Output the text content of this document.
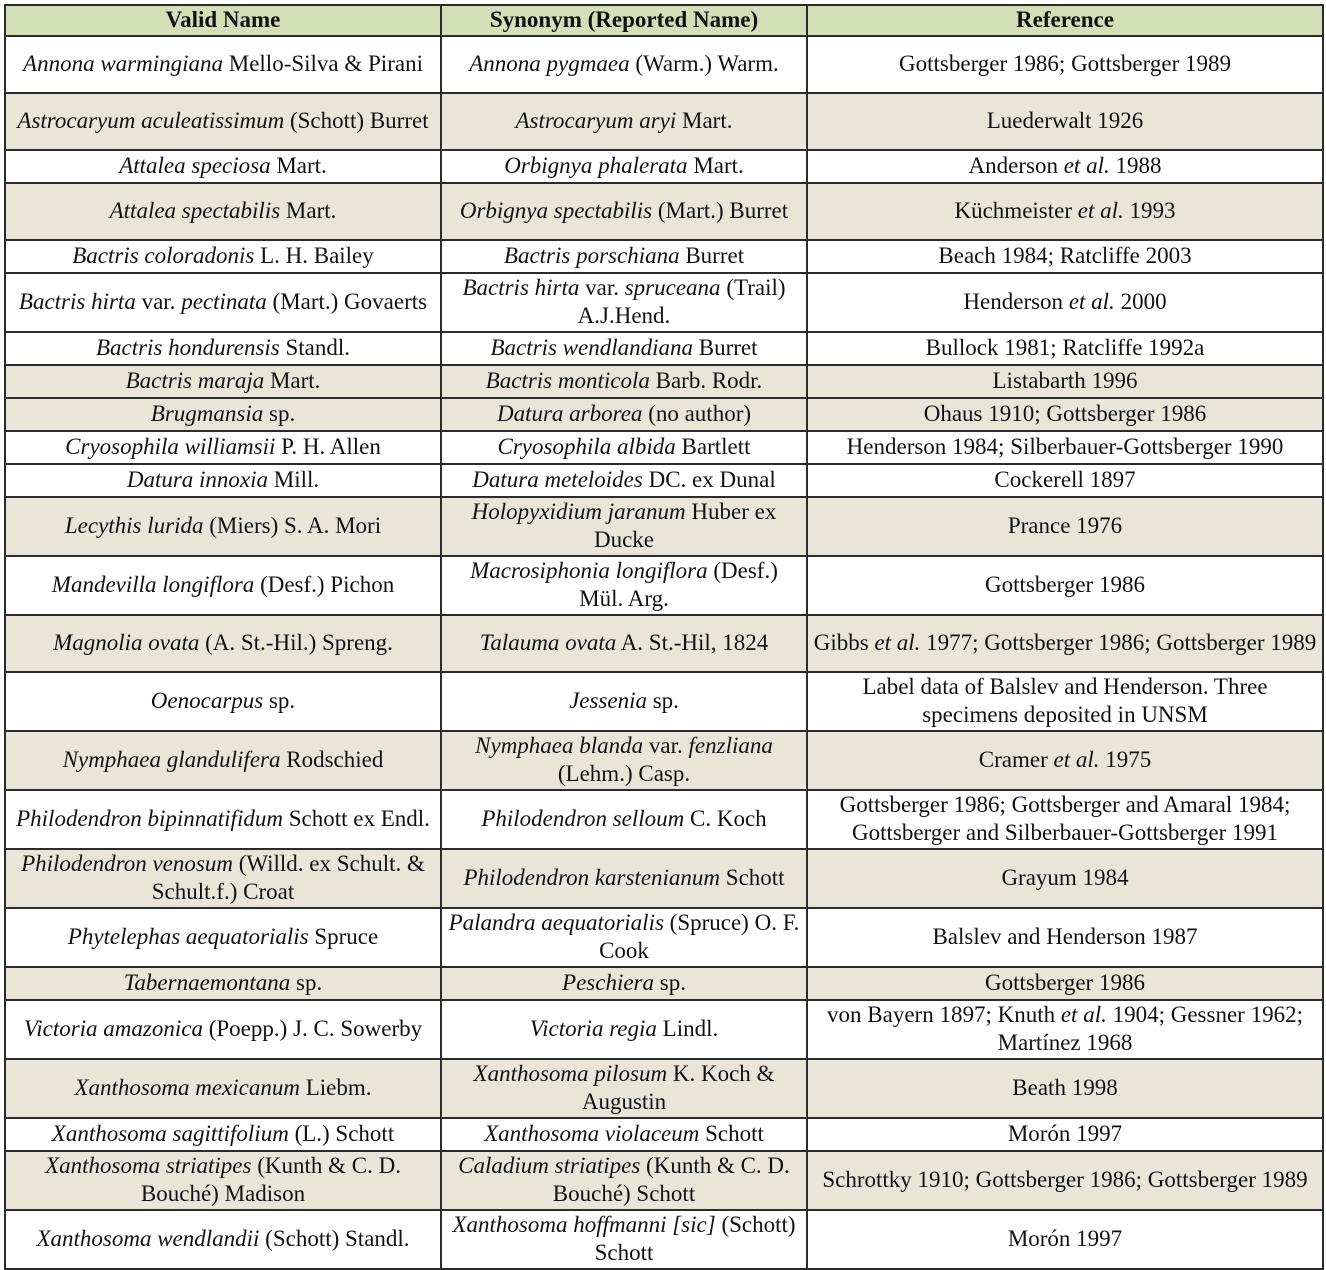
Valid Name	Synonym (Reported Name)	Reference
Annona warmingiana Mello-Silva & Pirani	Annona pygmaea (Warm.) Warm.	Gottsberger 1986; Gottsberger 1989
Astrocaryum aculeatissimum (Schott) Burret	Astrocaryum aryi Mart.	Luederwalt 1926
Attalea speciosa Mart.	Orbignya phalerata Mart.	Anderson et al. 1988
Attalea spectabilis Mart.	Orbignya spectabilis (Mart.) Burret	Küchmeister et al. 1993
Bactris coloradonis L. H. Bailey	Bactris porschiana Burret	Beach 1984; Ratcliffe 2003
Bactris hirta var. pectinata (Mart.) Govaerts	Bactris hirta var. spruceana (Trail) A.J.Hend.	Henderson et al. 2000
Bactris hondurensis Standl.	Bactris wendlandiana Burret	Bullock 1981; Ratcliffe 1992a
Bactris maraja Mart.	Bactris monticola Barb. Rodr.	Listabarth 1996
Brugmansia sp.	Datura arborea (no author)	Ohaus 1910; Gottsberger 1986
Cryosophila williamsii P. H. Allen	Cryosophila albida Bartlett	Henderson 1984; Silberbauer-Gottsberger 1990
Datura innoxia Mill.	Datura meteloides DC. ex Dunal	Cockerell 1897
Lecythis lurida (Miers) S. A. Mori	Holopyxidium jaranum Huber ex Ducke	Prance 1976
Mandevilla longiflora (Desf.) Pichon	Macrosiphonia longiflora (Desf.) Mül. Arg.	Gottsberger 1986
Magnolia ovata (A. St.-Hil.) Spreng.	Talauma ovata A. St.-Hil, 1824	Gibbs et al. 1977; Gottsberger 1986; Gottsberger 1989
Oenocarpus sp.	Jessenia sp.	Label data of Balslev and Henderson. Three specimens deposited in UNSM
Nymphaea glandulifera Rodschied	Nymphaea blanda var. fenzliana (Lehm.) Casp.	Cramer et al. 1975
Philodendron bipinnatifidum Schott ex Endl.	Philodendron selloum C. Koch	Gottsberger 1986; Gottsberger and Amaral 1984; Gottsberger and Silberbauer-Gottsberger 1991
Philodendron venosum (Willd. ex Schult. & Schult.f.) Croat	Philodendron karstenianum Schott	Grayum 1984
Phytelephas aequatorialis Spruce	Palandra aequatorialis (Spruce) O. F. Cook	Balslev and Henderson 1987
Tabernaemontana sp.	Peschiera sp.	Gottsberger 1986
Victoria amazonica (Poepp.) J. C. Sowerby	Victoria regia Lindl.	von Bayern 1897; Knuth et al. 1904; Gessner 1962; Martínez 1968
Xanthosoma mexicanum Liebm.	Xanthosoma pilosum K. Koch & Augustin	Beath 1998
Xanthosoma sagittifolium (L.) Schott	Xanthosoma violaceum Schott	Morón 1997
Xanthosoma striatipes (Kunth & C. D. Bouché) Madison	Caladium striatipes (Kunth & C. D. Bouché) Schott	Schrottky 1910; Gottsberger 1986; Gottsberger 1989
Xanthosoma wendlandii (Schott) Standl.	Xanthosoma hoffmanni [sic] (Schott) Schott	Morón 1997
